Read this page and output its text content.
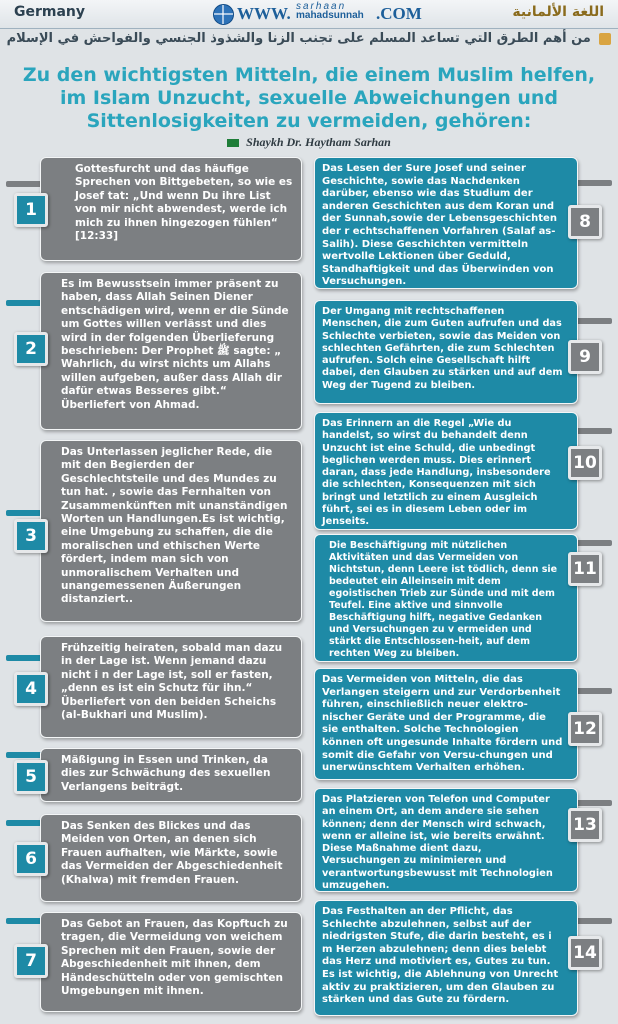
Germany	WWW. sarhaan
mahadsunnah .COM	اللغة الألمانية
من أهم الطرق التي تساعد المسلم على تجنب الزنا والشذوذ الجنسي والفواحش في الإسلام
Zu den wichtigsten Mitteln, die einem Muslim helfen,
im Islam Unzucht, sexuelle Abweichungen und
Sittenlosigkeiten zu vermeiden, gehören:
Shaykh Dr. Haytham Sarhan
Gottesfurcht und das häufige Sprechen von Bittgebeten, so wie es Josef tat: „Und wenn Du ihre List von mir nicht abwendest, werde ich mich zu ihnen hingezogen fühlen“ [12:33]
1
Es im Bewusstsein immer präsent zu haben, dass Allah Seinen Diener entschädigen wird, wenn er die Sünde um Gottes willen verlässt und dies wird in der folgenden Überlieferung beschrieben: Der Prophet ﷺ sagte: „ Wahrlich, du wirst nichts um Allahs willen aufgeben, außer dass Allah dir dafür etwas Besseres gibt.“ Überliefert von Ahmad.
2
Das Unterlassen jeglicher Rede, die mit den Begierden der Geschlechtsteile und des Mundes zu tun hat. , sowie das Fernhalten von Zusammenkünften mit unanständigen Worten un Handlungen.Es ist wichtig, eine Umgebung zu schaffen, die die moralischen und ethischen Werte fördert, indem man sich von unmoralischem Verhalten und unangemessenen Äußerungen distanziert..
3
Frühzeitig heiraten, sobald man dazu in der Lage ist. Wenn jemand dazu nicht i n der Lage ist, soll er fasten, „denn es ist ein Schutz für ihn.“ Überliefert von den beiden Scheichs (al-Bukhari und Muslim).
4
Mäßigung in Essen und Trinken, da dies zur Schwächung des sexuellen Verlangens beiträgt.
5
Das Senken des Blickes und das Meiden von Orten, an denen sich Frauen aufhalten, wie Märkte, sowie das Vermeiden der Abgeschiedenheit (Khalwa) mit fremden Frauen.
6
Das Gebot an Frauen, das Kopftuch zu tragen, die Vermeidung von weichem Sprechen mit den Frauen, sowie der Abgeschiedenheit mit ihnen, dem Händeschütteln oder von gemischten Umgebungen mit ihnen.
7
Das Lesen der Sure Josef und seiner Geschichte, sowie das Nachdenken darüber, ebenso wie das Studium der anderen Geschichten aus dem Koran und der Sunnah,sowie der Lebensgeschichten der r echtschaffenen Vorfahren (Salaf as-Salih). Diese Geschichten vermitteln wertvolle Lektionen über Geduld, Standhaftigkeit und das Überwinden von Versuchungen.
8
Der Umgang mit rechtschaffenen Menschen, die zum Guten aufrufen und das Schlechte verbieten, sowie das Meiden von schlechten Gefährten, die zum Schlechten aufrufen. Solch eine Gesellschaft hilft dabei, den Glauben zu stärken und auf dem Weg der Tugend zu bleiben.
9
Das Erinnern an die Regel „Wie du handelst, so wirst du behandelt denn Unzucht ist eine Schuld, die unbedingt beglichen werden muss. Dies erinnert daran, dass jede Handlung, insbesondere die schlechten, Konsequenzen mit sich bringt und letztlich zu einem Ausgleich führt, sei es in diesem Leben oder im Jenseits.
10
Die Beschäftigung mit nützlichen Aktivitäten und das Vermeiden von Nichtstun, denn Leere ist tödlich, denn sie bedeutet ein Alleinsein mit dem egoistischen Trieb zur Sünde und mit dem Teufel. Eine aktive und sinnvolle Beschäftigung hilft, negative Gedanken und Versuchungen zu v ermeiden und stärkt die Entschlossen-heit, auf dem rechten Weg zu bleiben.
11
Das Vermeiden von Mitteln, die das Verlangen steigern und zur Verdorbenheit führen, einschließlich neuer elektro-nischer Geräte und der Programme, die sie enthalten. Solche Technologien können oft ungesunde Inhalte fördern und somit die Gefahr von Versu-chungen und unerwünschtem Verhalten erhöhen.
12
Das Platzieren von Telefon und Computer an einem Ort, an dem andere sie sehen können; denn der Mensch wird schwach, wenn er alleine ist, wie bereits erwähnt. Diese Maßnahme dient dazu, Versuchungen zu minimieren und verantwortungsbewusst mit Technologien umzugehen.
13
Das Festhalten an der Pflicht, das Schlechte abzulehnen, selbst auf der niedrigsten Stufe, die darin besteht, es i m Herzen abzulehnen; denn dies belebt das Herz und motiviert es, Gutes zu tun. Es ist wichtig, die Ablehnung von Unrecht aktiv zu praktizieren, um den Glauben zu stärken und das Gute zu fördern.
14
